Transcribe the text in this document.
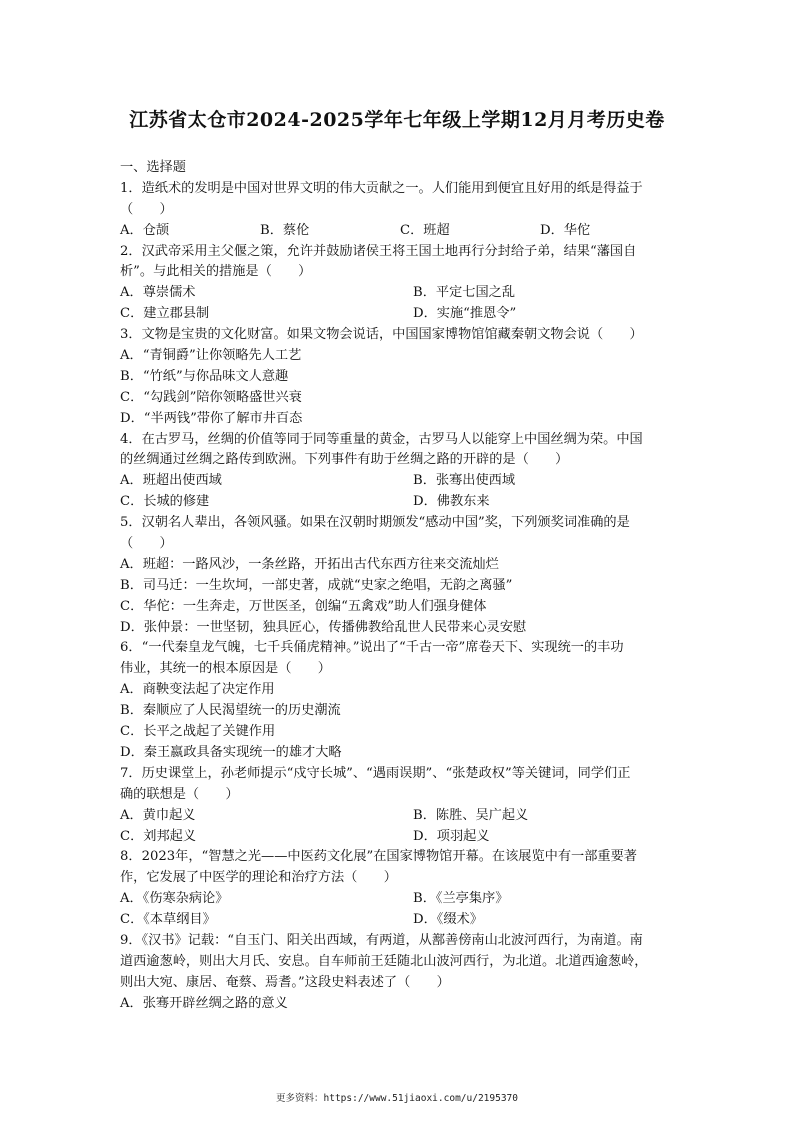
江苏省太仓市2024-2025学年七年级上学期12月月考历史卷
一、选择题
1．造纸术的发明是中国对世界文明的伟大贡献之一。人们能用到便宜且好用的纸是得益于
（　　）
A．仓颉	B．蔡伦	C．班超	D．华佗
2．汉武帝采用主父偃之策，允许并鼓励诸侯王将王国土地再行分封给子弟，结果“藩国自
析”。与此相关的措施是（　　）
A．尊崇儒术	B．平定七国之乱
C．建立郡县制	D．实施“推恩令”
3．文物是宝贵的文化财富。如果文物会说话，中国国家博物馆馆藏秦朝文物会说（　　）
A．“青铜爵”让你领略先人工艺
B．“竹纸”与你品味文人意趣
C．“勾践剑”陪你领略盛世兴衰
D．“半两钱”带你了解市井百态
4．在古罗马，丝绸的价值等同于同等重量的黄金，古罗马人以能穿上中国丝绸为荣。中国
的丝绸通过丝绸之路传到欧洲。下列事件有助于丝绸之路的开辟的是（　　）
A．班超出使西域	B．张骞出使西域
C．长城的修建	D．佛教东来
5．汉朝名人辈出，各领风骚。如果在汉朝时期颁发“感动中国”奖，下列颁奖词准确的是
（　　）
A．班超：一路风沙，一条丝路，开拓出古代东西方往来交流灿烂
B．司马迁：一生坎坷，一部史著，成就“史家之绝唱，无韵之离骚”
C．华佗：一生奔走，万世医圣，创编“五禽戏”助人们强身健体
D．张仲景：一世坚韧，独具匠心，传播佛教给乱世人民带来心灵安慰
6．“一代秦皇龙气魄，七千兵俑虎精神。”说出了“千古一帝”席卷天下、实现统一的丰功
伟业，其统一的根本原因是（　　）
A．商鞅变法起了决定作用
B．秦顺应了人民渴望统一的历史潮流
C．长平之战起了关键作用
D．秦王嬴政具备实现统一的雄才大略
7．历史课堂上，孙老师提示“戍守长城”、“遇雨误期”、“张楚政权”等关键词，同学们正
确的联想是（　　）
A．黄巾起义	B．陈胜、吴广起义
C．刘邦起义	D．项羽起义
8．2023年，“智慧之光——中医药文化展”在国家博物馆开幕。在该展览中有一部重要著
作，它发展了中医学的理论和治疗方法（　　）
A．《伤寒杂病论》	B．《兰亭集序》
C．《本草纲目》	D．《缀术》
9．《汉书》记载：“自玉门、阳关出西域，有两道，从鄯善傍南山北波河西行，为南道。南
道西逾葱岭，则出大月氏、安息。自车师前王廷随北山波河西行，为北道。北道西逾葱岭，
则出大宛、康居、奄蔡、焉耆。”这段史料表述了（　　）
A．张骞开辟丝绸之路的意义
更多资料：https://www.51jiaoxi.com/u/2195370
